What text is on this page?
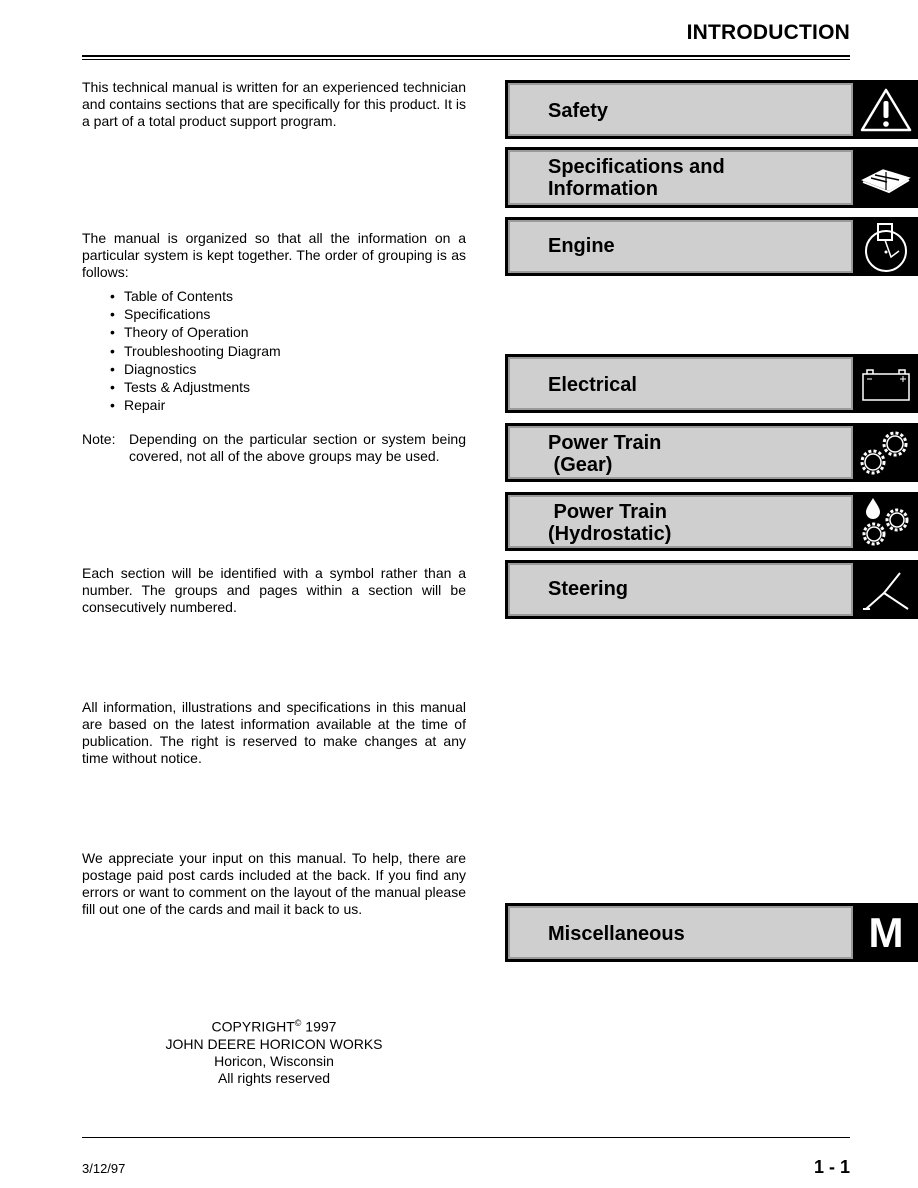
INTRODUCTION

This technical manual is written for an experienced technician and contains sections that are specifically for this product. It is a part of a total product support program.

The manual is organized so that all the information on a particular system is kept together. The order of grouping is as follows:

• Table of Contents
• Specifications
• Theory of Operation
• Troubleshooting Diagram
• Diagnostics
• Tests & Adjustments
• Repair
Note: Depending on the particular section or system being covered, not all of the above groups may be used.

Each section will be identified with a symbol rather than a number. The groups and pages within a section will be consecutively numbered.

All information, illustrations and specifications in this manual are based on the latest information available at the time of publication. The right is reserved to make changes at any time without notice.

We appreciate your input on this manual. To help, there are postage paid post cards included at the back. If you find any errors or want to comment on the layout of the manual please fill out one of the cards and mail it back to us.

COPYRIGHT© 1997
JOHN DEERE HORICON WORKS
Horicon, Wisconsin
All rights reserved
Safety
Specifications and
Information
Engine
Electrical
Power Train
(Gear)
Power Train
(Hydrostatic)
Steering
Miscellaneous	M
3/12/97	1 - 1
